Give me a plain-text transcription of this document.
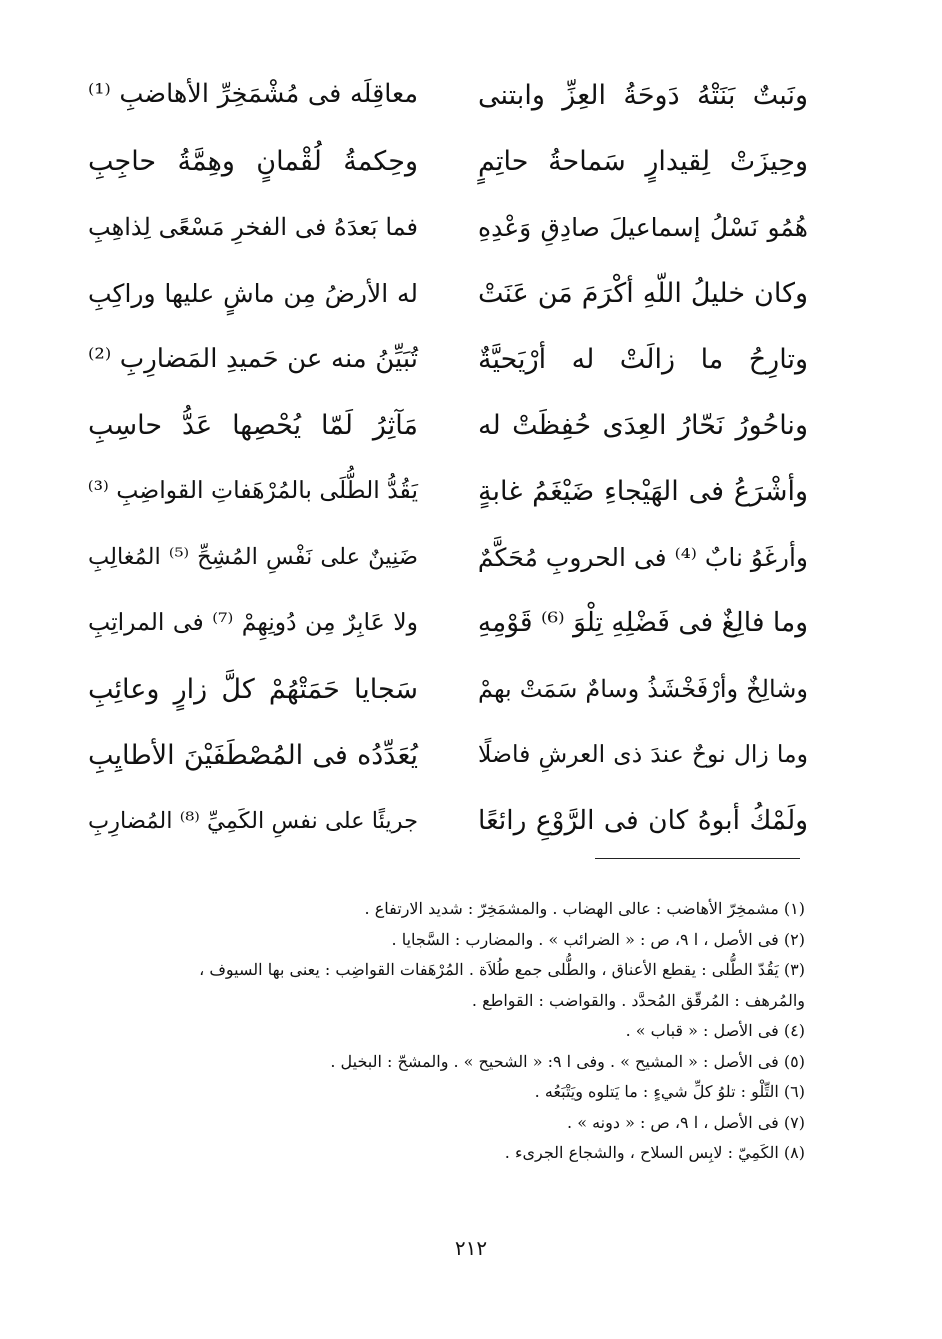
ونَبتٌ بَنَتْهُ دَوحَةُ العِزِّ وابتنى
معاقِلَه فى مُشْمَخِرِّ الأهاضبِ ⁽¹⁾
وحِيزَتْ لِقيدارٍ سَماحةُ حاتِمٍ
وحِكمةُ لُقْمانٍ وهِمَّةُ حاجِبِ
هُمُو نَسْلُ إسماعيلَ صادِقِ وَعْدِهِ
فما بَعدَهُ فى الفخرِ مَسْعًى لِذاهِبِ
وكان خليلُ اللّهِ أكْرَمَ مَن عَنَتْ
له الأرضُ مِن ماشٍ عليها وراكِبِ
وتارِحُ ما زالَتْ له أرْيَحيَّةٌ
تُبَيِّنُ منه عن حَميدِ المَضارِبِ ⁽²⁾
وناحُورُ نَحّارُ العِدَى حُفِظَتْ له
مَآثِرُ لَمّا يُحْصِها عَدُّ حاسِبِ
وأشْرَعُ فى الهَيْجاءِ ضَيْغَمُ غابةٍ
يَقُدُّ الطُّلَى بالمُرْهَفاتِ القواضِبِ ⁽³⁾
وأرغَوُ نابٌ ⁽⁴⁾ فى الحروبِ مُحَكَّمٌ
ضَنِينٌ على نَفْسِ المُشِحِّ ⁽⁵⁾ المُغالِبِ
وما فالِغٌ فى فَضْلِهِ تِلْوَ ⁽⁶⁾ قَوْمِهِ
ولا عَابِرٌ مِن دُونِهِمْ ⁽⁷⁾ فى المراتِبِ
وشالِخٌ وأرْفَخْشَذُ وسامٌ سَمَتْ بهمْ
سَجايا حَمَتْهُمْ كلَّ زارٍ وعائِبِ
وما زال نوحٌ عندَ ذى العرشِ فاضلًا
يُعَدِّدُه فى المُصْطَفَيْنَ الأطايِبِ
ولَمْكُ أبوهُ كان فى الرَّوْعِ رائعًا
جريئًا على نفسِ الكَمِيِّ ⁽⁸⁾ المُضارِبِ
(١) مشمخِرّ الأهاضب : عالى الهضاب . والمشمَخِرّ : شديد الارتفاع .
(٢) فى الأصل ، ا ٩، ص : « الضرائب » . والمضارب : السَّجايا .
(٣) يَقُدّ الطُّلى : يقطع الأعناق ، والطُّلى جمع طُلاَة . المُرْهَفات القواضِب : يعنى بها السيوف ،
والمُرهف : المُرقّق المُحدَّد . والقواضب : القواطع .
(٤) فى الأصل : « قباب » .
(٥) فى الأصل : « المشيح » . وفى ا ٩: « الشحيح » . والمشحّ : البخيل .
(٦) التِّلْو : تلوُ كلِّ شيءٍ : ما يَتلوه ويَتْبَعُه .
(٧) فى الأصل ، ا ٩، ص : « دونه » .
(٨) الكَمِيّ : لابِس السلاح ، والشجاع الجرىء .
٢١٢
